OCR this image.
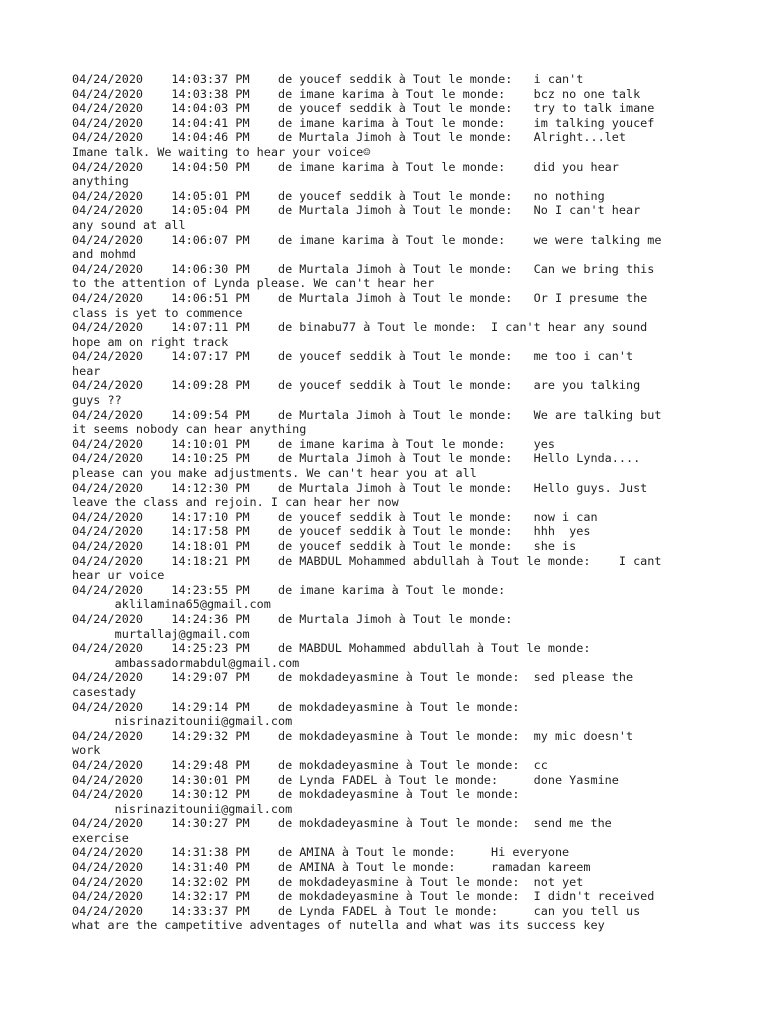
04/24/2020    14:03:37 PM    de youcef seddik à Tout le monde:   i can't
04/24/2020    14:03:38 PM    de imane karima à Tout le monde:    bcz no one talk
04/24/2020    14:04:03 PM    de youcef seddik à Tout le monde:   try to talk imane
04/24/2020    14:04:41 PM    de imane karima à Tout le monde:    im talking youcef
04/24/2020    14:04:46 PM    de Murtala Jimoh à Tout le monde:   Alright...let
Imane talk. We waiting to hear your voice☺
04/24/2020    14:04:50 PM    de imane karima à Tout le monde:    did you hear
anything
04/24/2020    14:05:01 PM    de youcef seddik à Tout le monde:   no nothing
04/24/2020    14:05:04 PM    de Murtala Jimoh à Tout le monde:   No I can't hear
any sound at all
04/24/2020    14:06:07 PM    de imane karima à Tout le monde:    we were talking me
and mohmd
04/24/2020    14:06:30 PM    de Murtala Jimoh à Tout le monde:   Can we bring this
to the attention of Lynda please. We can't hear her
04/24/2020    14:06:51 PM    de Murtala Jimoh à Tout le monde:   Or I presume the
class is yet to commence
04/24/2020    14:07:11 PM    de binabu77 à Tout le monde:  I can't hear any sound
hope am on right track
04/24/2020    14:07:17 PM    de youcef seddik à Tout le monde:   me too i can't
hear
04/24/2020    14:09:28 PM    de youcef seddik à Tout le monde:   are you talking
guys ??
04/24/2020    14:09:54 PM    de Murtala Jimoh à Tout le monde:   We are talking but
it seems nobody can hear anything
04/24/2020    14:10:01 PM    de imane karima à Tout le monde:    yes
04/24/2020    14:10:25 PM    de Murtala Jimoh à Tout le monde:   Hello Lynda....
please can you make adjustments. We can't hear you at all
04/24/2020    14:12:30 PM    de Murtala Jimoh à Tout le monde:   Hello guys. Just
leave the class and rejoin. I can hear her now
04/24/2020    14:17:10 PM    de youcef seddik à Tout le monde:   now i can
04/24/2020    14:17:58 PM    de youcef seddik à Tout le monde:   hhh  yes
04/24/2020    14:18:01 PM    de youcef seddik à Tout le monde:   she is
04/24/2020    14:18:21 PM    de MABDUL Mohammed abdullah à Tout le monde:    I cant
hear ur voice
04/24/2020    14:23:55 PM    de imane karima à Tout le monde:
aklilamina65@gmail.com
04/24/2020    14:24:36 PM    de Murtala Jimoh à Tout le monde:
murtallaj@gmail.com
04/24/2020    14:25:23 PM    de MABDUL Mohammed abdullah à Tout le monde:
ambassadormabdul@gmail.com
04/24/2020    14:29:07 PM    de mokdadeyasmine à Tout le monde:  sed please the
casestady
04/24/2020    14:29:14 PM    de mokdadeyasmine à Tout le monde:
nisrinazitounii@gmail.com
04/24/2020    14:29:32 PM    de mokdadeyasmine à Tout le monde:  my mic doesn't
work
04/24/2020    14:29:48 PM    de mokdadeyasmine à Tout le monde:  cc
04/24/2020    14:30:01 PM    de Lynda FADEL à Tout le monde:     done Yasmine
04/24/2020    14:30:12 PM    de mokdadeyasmine à Tout le monde:
nisrinazitounii@gmail.com
04/24/2020    14:30:27 PM    de mokdadeyasmine à Tout le monde:  send me the
exercise
04/24/2020    14:31:38 PM    de AMINA à Tout le monde:     Hi everyone
04/24/2020    14:31:40 PM    de AMINA à Tout le monde:     ramadan kareem
04/24/2020    14:32:02 PM    de mokdadeyasmine à Tout le monde:  not yet
04/24/2020    14:32:17 PM    de mokdadeyasmine à Tout le monde:  I didn't received
04/24/2020    14:33:37 PM    de Lynda FADEL à Tout le monde:     can you tell us
what are the campetitive adventages of nutella and what was its success key
